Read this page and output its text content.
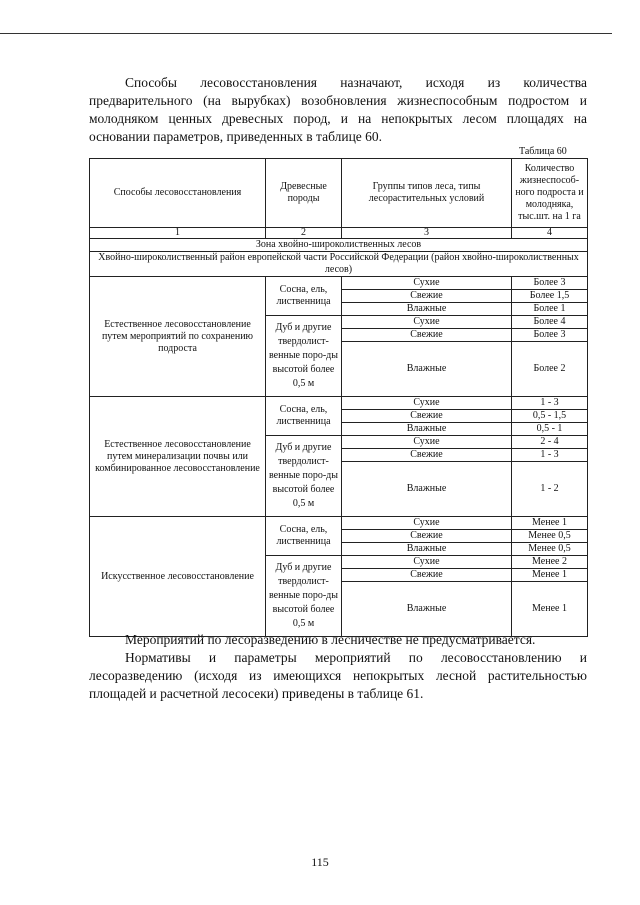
Способы лесовосстановления назначают, исходя из количества предварительного (на вырубках) возобновления жизнеспособным подростом и молодняком ценных древесных пород, и на непокрытых лесом площадях на основании параметров, приведенных в таблице 60.
Таблица 60
Способы лесовосстановления	Древесные породы	Группы типов леса, типы лесорастительных условий	Количество жизнеспособ-ного подроста и молодняка, тыс.шт. на 1 га
1	2	3	4
Зона хвойно-широколиственных лесов			
Хвойно-широколиственный район европейской части Российской Федерации (район хвойно-широколиственных лесов)			
Естественное лесовосстановление путем мероприятий по сохранению подроста	Сосна, ель, лиственница	Сухие	Более 3
		Свежие	Более 1,5
		Влажные	Более 1
	Дуб и другие твердолист-венные поро-ды высотой более 0,5 м	Сухие	Более 4
		Свежие	Более 3
		Влажные	Более 2
Естественное лесовосстановление путем минерализации почвы или комбинированное лесовосстановление	Сосна, ель, лиственница	Сухие	1 - 3
		Свежие	0,5 - 1,5
		Влажные	0,5 - 1
	Дуб и другие твердолист-венные поро-ды высотой более 0,5 м	Сухие	2 - 4
		Свежие	1 - 3
		Влажные	1 - 2
Искусственное лесовосстановление	Сосна, ель, лиственница	Сухие	Менее 1
		Свежие	Менее 0,5
		Влажные	Менее 0,5
	Дуб и другие твердолист-венные поро-ды высотой более 0,5 м	Сухие	Менее 2
		Свежие	Менее 1
		Влажные	Менее 1

Мероприятий по лесоразведению в лесничестве не предусматривается.

Нормативы и параметры мероприятий по лесовосстановлению и лесоразведению (исходя из имеющихся непокрытых лесной растительностью площадей и расчетной лесосеки) приведены в таблице 61.

115
